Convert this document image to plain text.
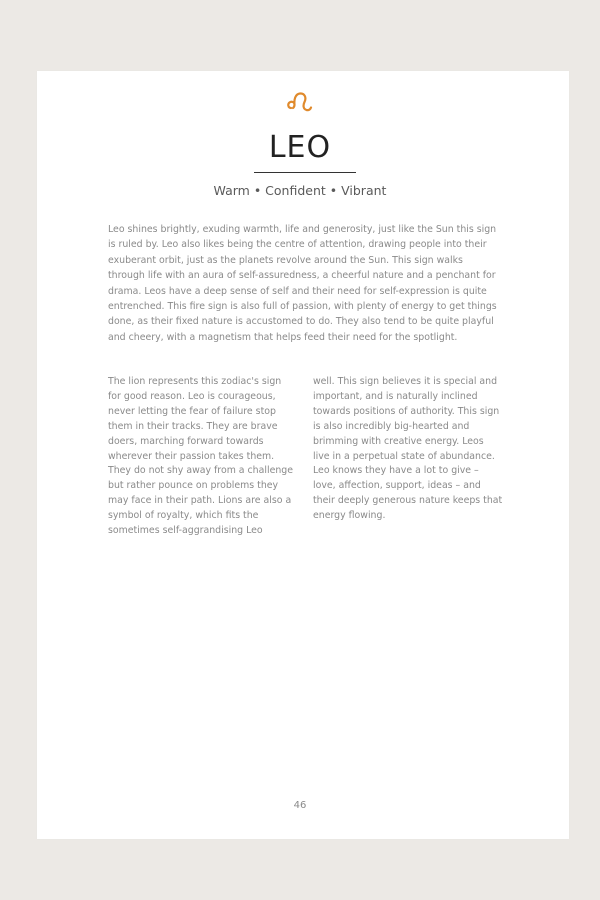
LEO
Warm • Confident • Vibrant

Leo shines brightly, exuding warmth, life and generosity, just like the Sun this sign is ruled by. Leo also likes being the centre of attention, drawing people into their exuberant orbit, just as the planets revolve around the Sun. This sign walks through life with an aura of self-assuredness, a cheerful nature and a penchant for drama. Leos have a deep sense of self and their need for self-expression is quite entrenched. This fire sign is also full of passion, with plenty of energy to get things done, as their fixed nature is accustomed to do. They also tend to be quite playful and cheery, with a magnetism that helps feed their need for the spotlight.

The lion represents this zodiac's sign for good reason. Leo is courageous, never letting the fear of failure stop them in their tracks. They are brave doers, marching forward towards wherever their passion takes them. They do not shy away from a challenge but rather pounce on problems they may face in their path. Lions are also a symbol of royalty, which fits the sometimes self-aggrandising Leo

well. This sign believes it is special and important, and is naturally inclined towards positions of authority. This sign is also incredibly big-hearted and brimming with creative energy. Leos live in a perpetual state of abundance. Leo knows they have a lot to give – love, affection, support, ideas – and their deeply generous nature keeps that energy flowing.

46
